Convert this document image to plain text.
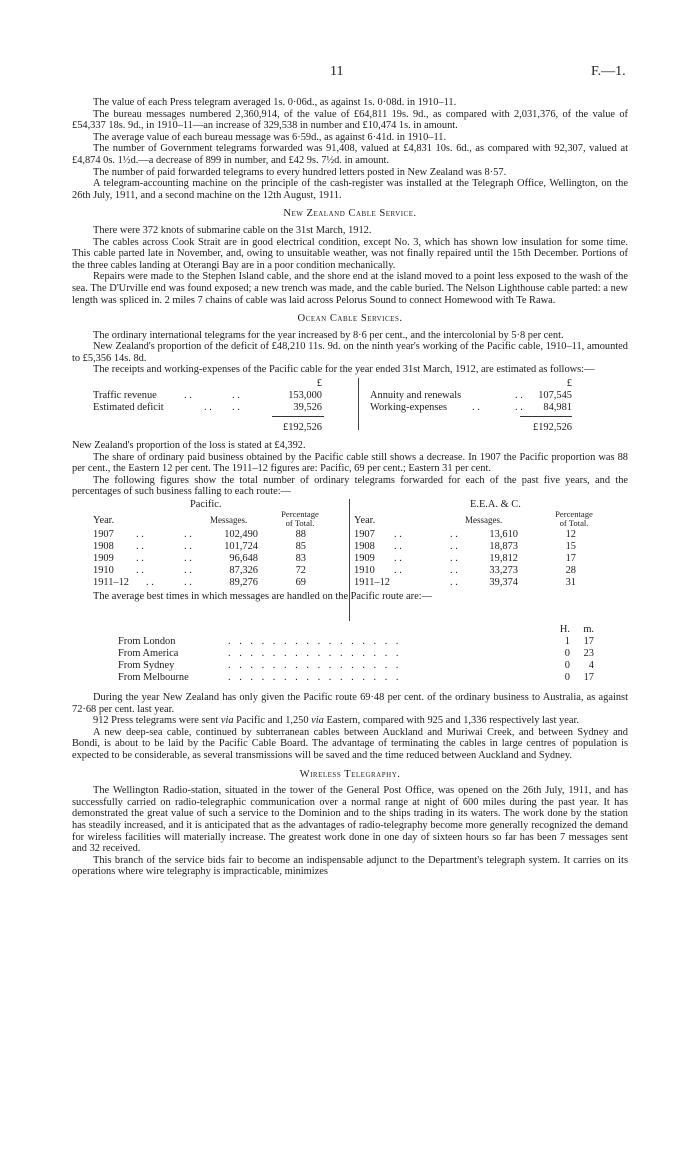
11	F.—1.

The value of each Press telegram averaged 1s. 0·06d., as against 1s. 0·08d. in 1910–11.

The bureau messages numbered 2,360,914, of the value of £64,811 19s. 9d., as compared with 2,031,376, of the value of £54,337 18s. 9d., in 1910–11—an increase of 329,538 in number and £10,474 1s. in amount.

The average value of each bureau message was 6·59d., as against 6·41d. in 1910–11.

The number of Government telegrams forwarded was 91,408, valued at £4,831 10s. 6d., as compared with 92,307, valued at £4,874 0s. 1½d.—a decrease of 899 in number, and £42 9s. 7½d. in amount.

The number of paid forwarded telegrams to every hundred letters posted in New Zealand was 8·57.

A telegram-accounting machine on the principle of the cash-register was installed at the Telegraph Office, Wellington, on the 26th July, 1911, and a second machine on the 12th August, 1911.

New Zealand Cable Service.

There were 372 knots of submarine cable on the 31st March, 1912.

The cables across Cook Strait are in good electrical condition, except No. 3, which has shown low insulation for some time. This cable parted late in November, and, owing to unsuitable weather, was not finally repaired until the 15th December. Portions of the three cables landing at Oterangi Bay are in a poor condition mechanically.

Repairs were made to the Stephen Island cable, and the shore end at the island moved to a point less exposed to the wash of the sea. The D'Urville end was found exposed; a new trench was made, and the cable buried. The Nelson Lighthouse cable parted: a new length was spliced in. 2 miles 7 chains of cable was laid across Pelorus Sound to connect Homewood with Te Rawa.

Ocean Cable Services.

The ordinary international telegrams for the year increased by 8·6 per cent., and the intercolonial by 5·8 per cent.

New Zealand's proportion of the deficit of £48,210 11s. 9d. on the ninth year's working of the Pacific cable, 1910–11, amounted to £5,356 14s. 8d.

The receipts and working-expenses of the Pacific cable for the year ended 31st March, 1912, are estimated as follows:—

£	£
Traffic revenue	. .	. .	153,000	Annuity and renewals	. .	107,545
Estimated deficit	. . . .	39,526	Working-expenses . .	. .	84,981
£192,526	£192,526

New Zealand's proportion of the loss is stated at £4,392.

The share of ordinary paid business obtained by the Pacific cable still shows a decrease. In 1907 the Pacific proportion was 88 per cent., the Eastern 12 per cent. The 1911–12 figures are: Pacific, 69 per cent.; Eastern 31 per cent.

The following figures show the total number of ordinary telegrams forwarded for each of the past five years, and the percentages of such business falling to each route:—

Pacific.	E.E.A. & C.
Year.	Messages.
Percentage
of Total.	Year.	Messages.
Percentage
of Total.
1907 . .	. .	102,490	88
1908 . .	. .	101,724	85
1909 . .	. .	96,648	83
1910 . .	. .	87,326	72
1911–12 . .	. .	89,276	69
1907 . .	. .	13,610	12
1908 . .	. .	18,873	15
1909 . .	. .	19,812	17
1910 . .	. .	33,273	28
1911–12	. .	39,374	31
The average best times in which messages are handled on the Pacific route are:—
H.	m.
From London	. . . . . . . . . . . . . . . .	1	17
From America	. . . . . . . . . . . . . . . .	0	23
From Sydney	. . . . . . . . . . . . . . . .	0	4
From Melbourne	. . . . . . . . . . . . . . . .	0	17

During the year New Zealand has only given the Pacific route 69·48 per cent. of the ordinary business to Australia, as against 72·68 per cent. last year.

912 Press telegrams were sent via Pacific and 1,250 via Eastern, compared with 925 and 1,336 respectively last year.

A new deep-sea cable, continued by subterranean cables between Auckland and Muriwai Creek, and between Sydney and Bondi, is about to be laid by the Pacific Cable Board. The advantage of terminating the cables in large centres of population is expected to be considerable, as several transmissions will be saved and the time reduced between Auckland and Sydney.

Wireless Telegraphy.

The Wellington Radio-station, situated in the tower of the General Post Office, was opened on the 26th July, 1911, and has successfully carried on radio-telegraphic communication over a normal range at night of 600 miles during the past year. It has demonstrated the great value of such a service to the Dominion and to the ships trading in its waters. The work done by the station has steadily increased, and it is anticipated that as the advantages of radio-telegraphy become more generally recognized the demand for wireless facilities will materially increase. The greatest work done in one day of sixteen hours so far has been 7 messages sent and 32 received.

This branch of the service bids fair to become an indispensable adjunct to the Department's telegraph system. It carries on its operations where wire telegraphy is impracticable, minimizes
